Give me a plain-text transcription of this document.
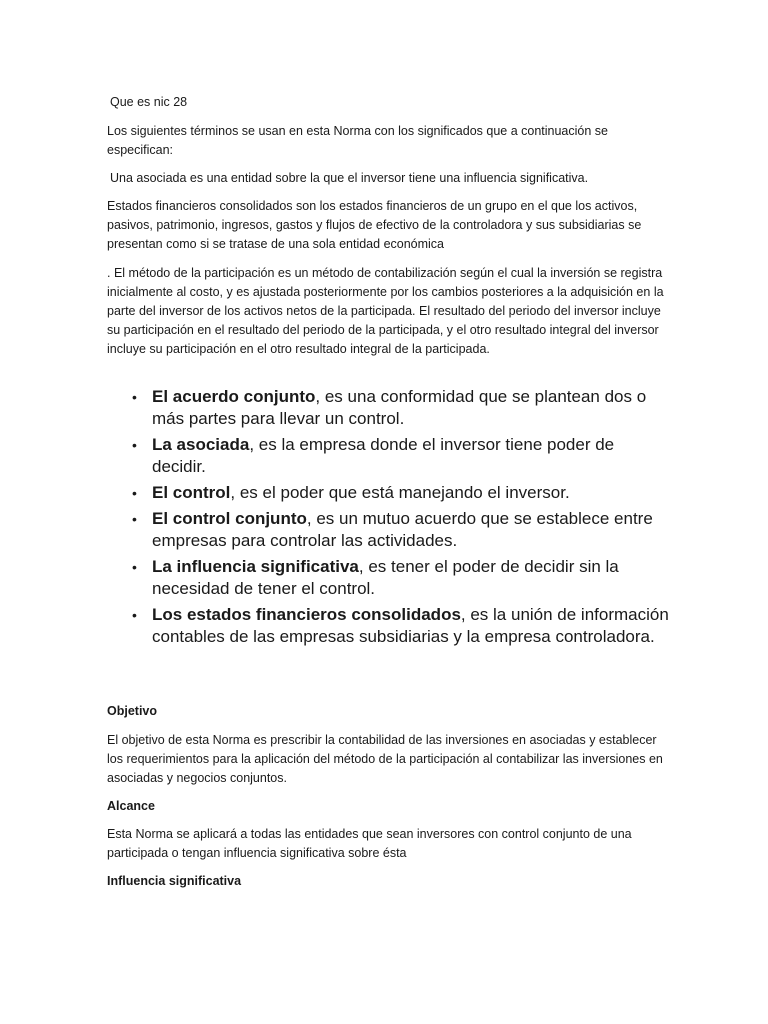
Que es nic 28

Los siguientes términos se usan en esta Norma con los significados que a continuación se especifican:

Una asociada es una entidad sobre la que el inversor tiene una influencia significativa.

Estados financieros consolidados son los estados financieros de un grupo en el que los activos, pasivos, patrimonio, ingresos, gastos y flujos de efectivo de la controladora y sus subsidiarias se presentan como si se tratase de una sola entidad económica

. El método de la participación es un método de contabilización según el cual la inversión se registra inicialmente al costo, y es ajustada posteriormente por los cambios posteriores a la adquisición en la parte del inversor de los activos netos de la participada. El resultado del periodo del inversor incluye su participación en el resultado del periodo de la participada, y el otro resultado integral del inversor incluye su participación en el otro resultado integral de la participada.

• El acuerdo conjunto, es una conformidad que se plantean dos o más partes para llevar un control.
• La asociada, es la empresa donde el inversor tiene poder de decidir.
• El control, es el poder que está manejando el inversor.
• El control conjunto, es un mutuo acuerdo que se establece entre empresas para controlar las actividades.
• La influencia significativa, es tener el poder de decidir sin la necesidad de tener el control.
• Los estados financieros consolidados, es la unión de información contables de las empresas subsidiarias y la empresa controladora.

Objetivo

El objetivo de esta Norma es prescribir la contabilidad de las inversiones en asociadas y establecer los requerimientos para la aplicación del método de la participación al contabilizar las inversiones en asociadas y negocios conjuntos.

Alcance

Esta Norma se aplicará a todas las entidades que sean inversores con control conjunto de una participada o tengan influencia significativa sobre ésta

Influencia significativa
